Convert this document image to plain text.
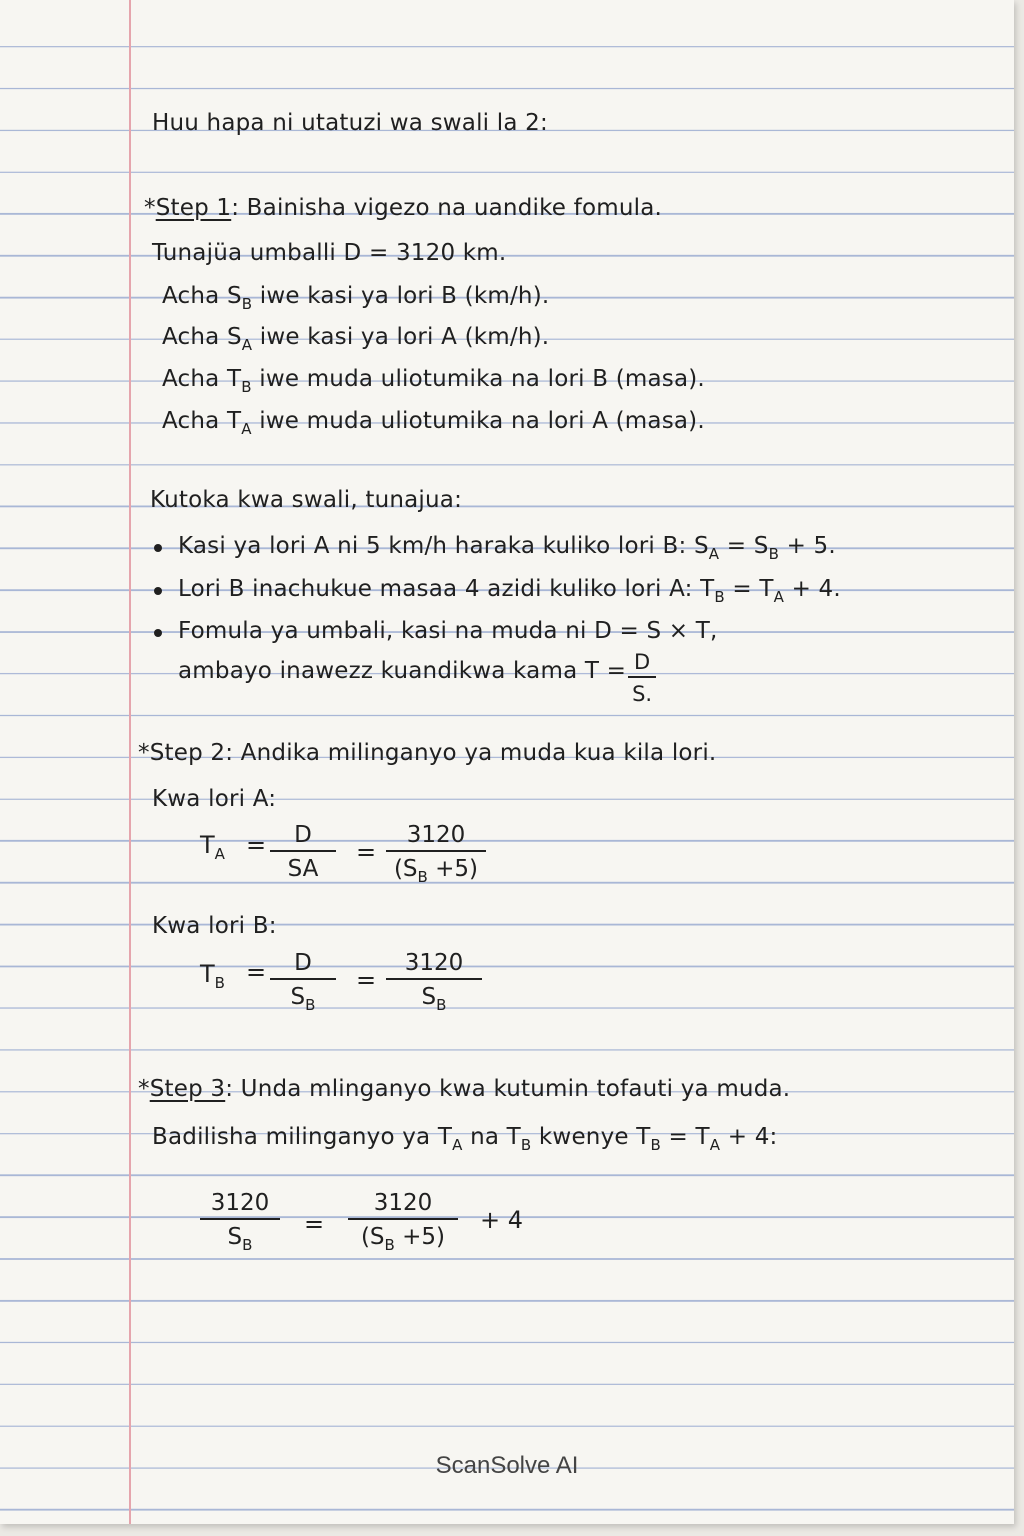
Huu hapa ni utatuzi wa swali la 2:
*Step 1: Bainisha vigezo na uandike fomula.
Tunajüa umballi D = 3120 km.
Acha $S_B$ iwe kasi ya lori B (km/h).
Acha $S_A$ iwe kasi ya lori A (km/h).
Acha $T_B$ iwe muda uliotumika na lori B (masa).
Acha $T_A$ iwe muda uliotumika na lori A (masa).
Kutoka kwa swali, tunajua:
Kasi ya lori A ni 5 km/h haraka kuliko lori B: $S_A = S_B + 5$.
Lori B inachukue masaa 4 azidi kuliko lori A: $T_B = T_A + 4$.
Fomula ya umbali, kasi na muda ni D = S × T,
ambayo inawezz kuandikwa kama T = D
S.
*Step 2: Andika milinganyo ya muda kua kila lori.
Kwa lori A:
$T_A$ =	D
SA
=
3120
$(S_B +5)$
Kwa lori B:
$T_B$ =	D
$S_B$
=
3120
$S_B$
*Step 3: Unda mlinganyo kwa kutumin tofauti ya muda.
Badilisha milinganyo ya $T_A$ na $T_B$ kwenye $T_B = T_A + 4$:
3120
$S_B$
=
3120
$(S_B +5)$
+ 4
ScanSolve AI
